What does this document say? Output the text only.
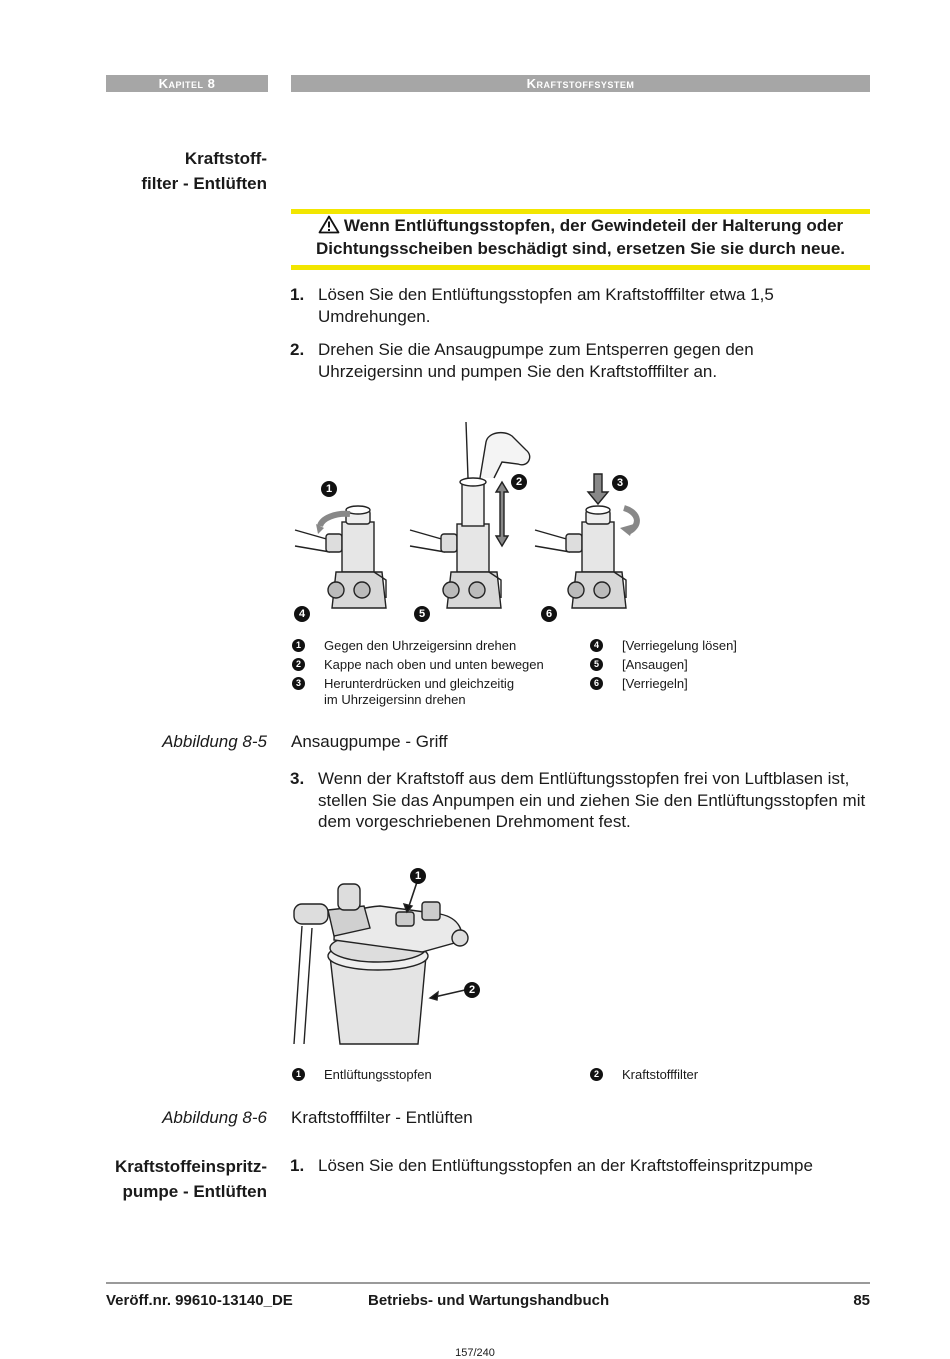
Kapitel 8	Kraftstoffsystem
Kraftstoff-
filter - Entlüften
Wenn Entlüftungsstopfen, der Gewindeteil der Halterung oder Dichtungsscheiben beschädigt sind, ersetzen Sie sie durch neue.
1. Lösen Sie den Entlüftungsstopfen am Kraftstofffilter etwa 1,5 Umdrehungen.
2. Drehen Sie die Ansaugpumpe zum Entsperren gegen den Uhrzeigersinn und pumpen Sie den Kraftstofffilter an.
1
2	3
4	5	6
1	Gegen den Uhrzeigersinn drehen
2	Kappe nach oben und unten bewegen
3	Herunterdrücken und gleichzeitig
im Uhrzeigersinn drehen
4	[Verriegelung lösen]
5	[Ansaugen]
6	[Verriegeln]
Abbildung 8-5 Ansaugpumpe - Griff
3. Wenn der Kraftstoff aus dem Entlüftungsstopfen frei von Luftblasen ist, stellen Sie das Anpumpen ein und ziehen Sie den Entlüftungsstopfen mit dem vorgeschriebenen Drehmoment fest.
1
2
1	Entlüftungsstopfen	2	Kraftstofffilter
Abbildung 8-6 Kraftstofffilter - Entlüften
Kraftstoffeinspritz-
pumpe - Entlüften
1. Lösen Sie den Entlüftungsstopfen an der Kraftstoffeinspritzpumpe
Veröff.nr. 99610-13140_DE	Betriebs- und Wartungshandbuch	85
157/240
